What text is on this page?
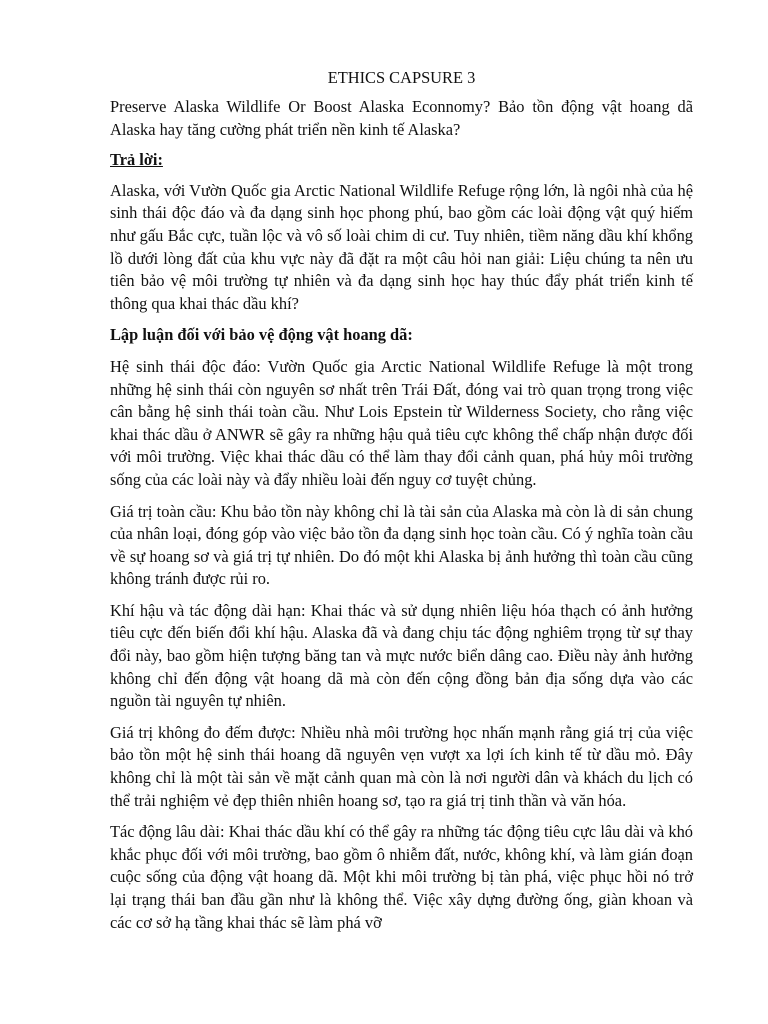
ETHICS CAPSURE 3
Preserve Alaska Wildlife Or Boost Alaska Econnomy? Bảo tồn động vật hoang dã Alaska hay tăng cường phát triển nền kinh tế Alaska?
Trả lời:
Alaska, với Vườn Quốc gia Arctic National Wildlife Refuge rộng lớn, là ngôi nhà của hệ sinh thái độc đáo và đa dạng sinh học phong phú, bao gồm các loài động vật quý hiếm như gấu Bắc cực, tuần lộc và vô số loài chim di cư. Tuy nhiên, tiềm năng dầu khí khổng lồ dưới lòng đất của khu vực này đã đặt ra một câu hỏi nan giải: Liệu chúng ta nên ưu tiên bảo vệ môi trường tự nhiên và đa dạng sinh học hay thúc đẩy phát triển kinh tế thông qua khai thác dầu khí?
Lập luận đối với bảo vệ động vật hoang dã:
Hệ sinh thái độc đáo: Vườn Quốc gia Arctic National Wildlife Refuge là một trong những hệ sinh thái còn nguyên sơ nhất trên Trái Đất, đóng vai trò quan trọng trong việc cân bằng hệ sinh thái toàn cầu. Như Lois Epstein từ Wilderness Society, cho rằng việc khai thác dầu ở ANWR sẽ gây ra những hậu quả tiêu cực không thể chấp nhận được đối với môi trường. Việc khai thác dầu có thể làm thay đổi cảnh quan, phá hủy môi trường sống của các loài này và đẩy nhiều loài đến nguy cơ tuyệt chủng.
Giá trị toàn cầu: Khu bảo tồn này không chỉ là tài sản của Alaska mà còn là di sản chung của nhân loại, đóng góp vào việc bảo tồn đa dạng sinh học toàn cầu. Có ý nghĩa toàn cầu về sự hoang sơ và giá trị tự nhiên. Do đó một khi Alaska bị ảnh hưởng thì toàn cầu cũng không tránh được rủi ro.
Khí hậu và tác động dài hạn: Khai thác và sử dụng nhiên liệu hóa thạch có ảnh hưởng tiêu cực đến biến đổi khí hậu. Alaska đã và đang chịu tác động nghiêm trọng từ sự thay đổi này, bao gồm hiện tượng băng tan và mực nước biển dâng cao. Điều này ảnh hưởng không chỉ đến động vật hoang dã mà còn đến cộng đồng bản địa sống dựa vào các nguồn tài nguyên tự nhiên.
Giá trị không đo đếm được: Nhiều nhà môi trường học nhấn mạnh rằng giá trị của việc bảo tồn một hệ sinh thái hoang dã nguyên vẹn vượt xa lợi ích kinh tế từ dầu mỏ. Đây không chỉ là một tài sản về mặt cảnh quan mà còn là nơi người dân và khách du lịch có thể trải nghiệm vẻ đẹp thiên nhiên hoang sơ, tạo ra giá trị tinh thần và văn hóa.
Tác động lâu dài: Khai thác dầu khí có thể gây ra những tác động tiêu cực lâu dài và khó khắc phục đối với môi trường, bao gồm ô nhiễm đất, nước, không khí, và làm gián đoạn cuộc sống của động vật hoang dã. Một khi môi trường bị tàn phá, việc phục hồi nó trở lại trạng thái ban đầu gần như là không thể. Việc xây dựng đường ống, giàn khoan và các cơ sở hạ tầng khai thác sẽ làm phá vỡ
